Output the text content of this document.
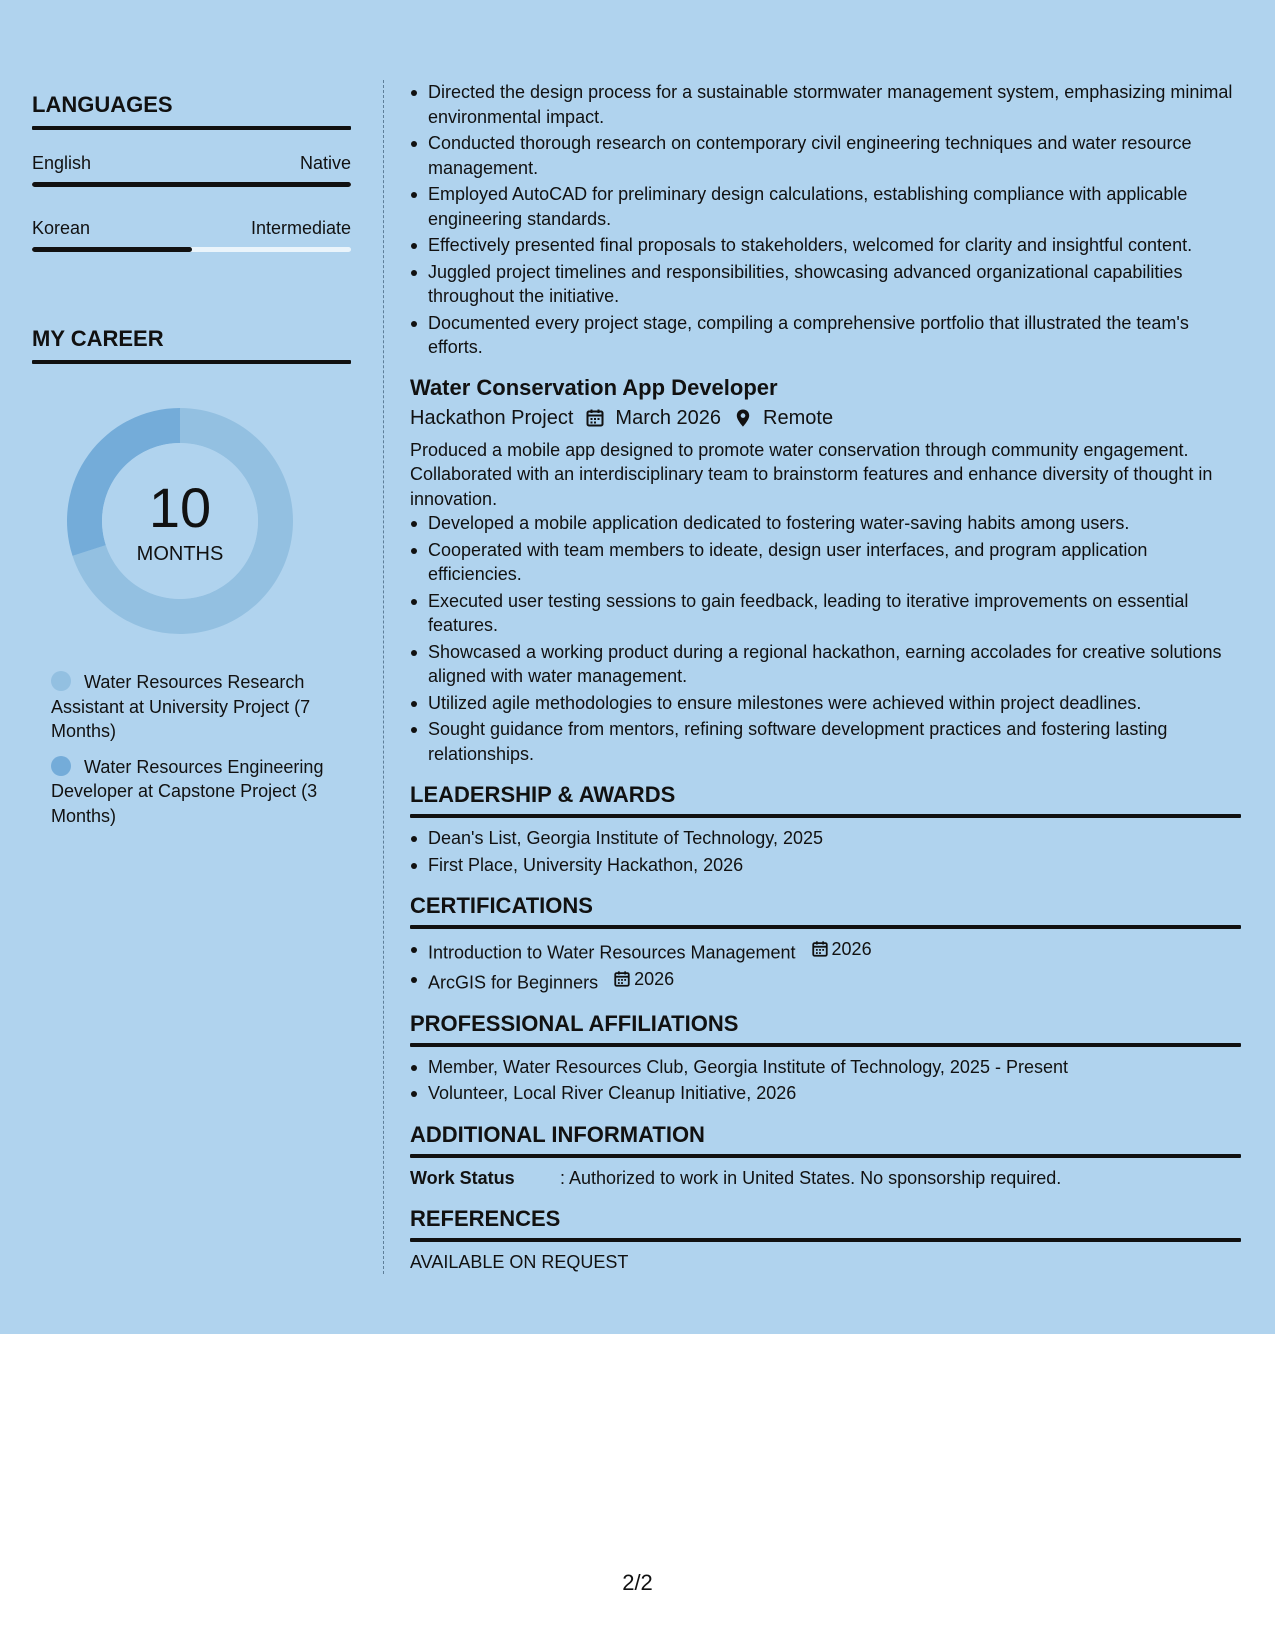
LANGUAGES
English	Native
Korean	Intermediate
MY CAREER
10
MONTHS
Water Resources Research Assistant at University Project (7 Months)
Water Resources Engineering Developer at Capstone Project (3 Months)
Directed the design process for a sustainable stormwater management system, emphasizing minimal environmental impact.
Conducted thorough research on contemporary civil engineering techniques and water resource management.
Employed AutoCAD for preliminary design calculations, establishing compliance with applicable engineering standards.
Effectively presented final proposals to stakeholders, welcomed for clarity and insightful content.
Juggled project timelines and responsibilities, showcasing advanced organizational capabilities throughout the initiative.
Documented every project stage, compiling a comprehensive portfolio that illustrated the team's efforts.
Water Conservation App Developer
Hackathon Project March 2026 Remote
Produced a mobile app designed to promote water conservation through community engagement. Collaborated with an interdisciplinary team to brainstorm features and enhance diversity of thought in innovation.
Developed a mobile application dedicated to fostering water-saving habits among users.
Cooperated with team members to ideate, design user interfaces, and program application efficiencies.
Executed user testing sessions to gain feedback, leading to iterative improvements on essential features.
Showcased a working product during a regional hackathon, earning accolades for creative solutions aligned with water management.
Utilized agile methodologies to ensure milestones were achieved within project deadlines.
Sought guidance from mentors, refining software development practices and fostering lasting relationships.
LEADERSHIP & AWARDS
Dean's List, Georgia Institute of Technology, 2025
First Place, University Hackathon, 2026
CERTIFICATIONS
Introduction to Water Resources Management 2026
ArcGIS for Beginners 2026
PROFESSIONAL AFFILIATIONS
Member, Water Resources Club, Georgia Institute of Technology, 2025 - Present
Volunteer, Local River Cleanup Initiative, 2026
ADDITIONAL INFORMATION
Work Status	: Authorized to work in United States. No sponsorship required.
REFERENCES
AVAILABLE ON REQUEST
2/2
